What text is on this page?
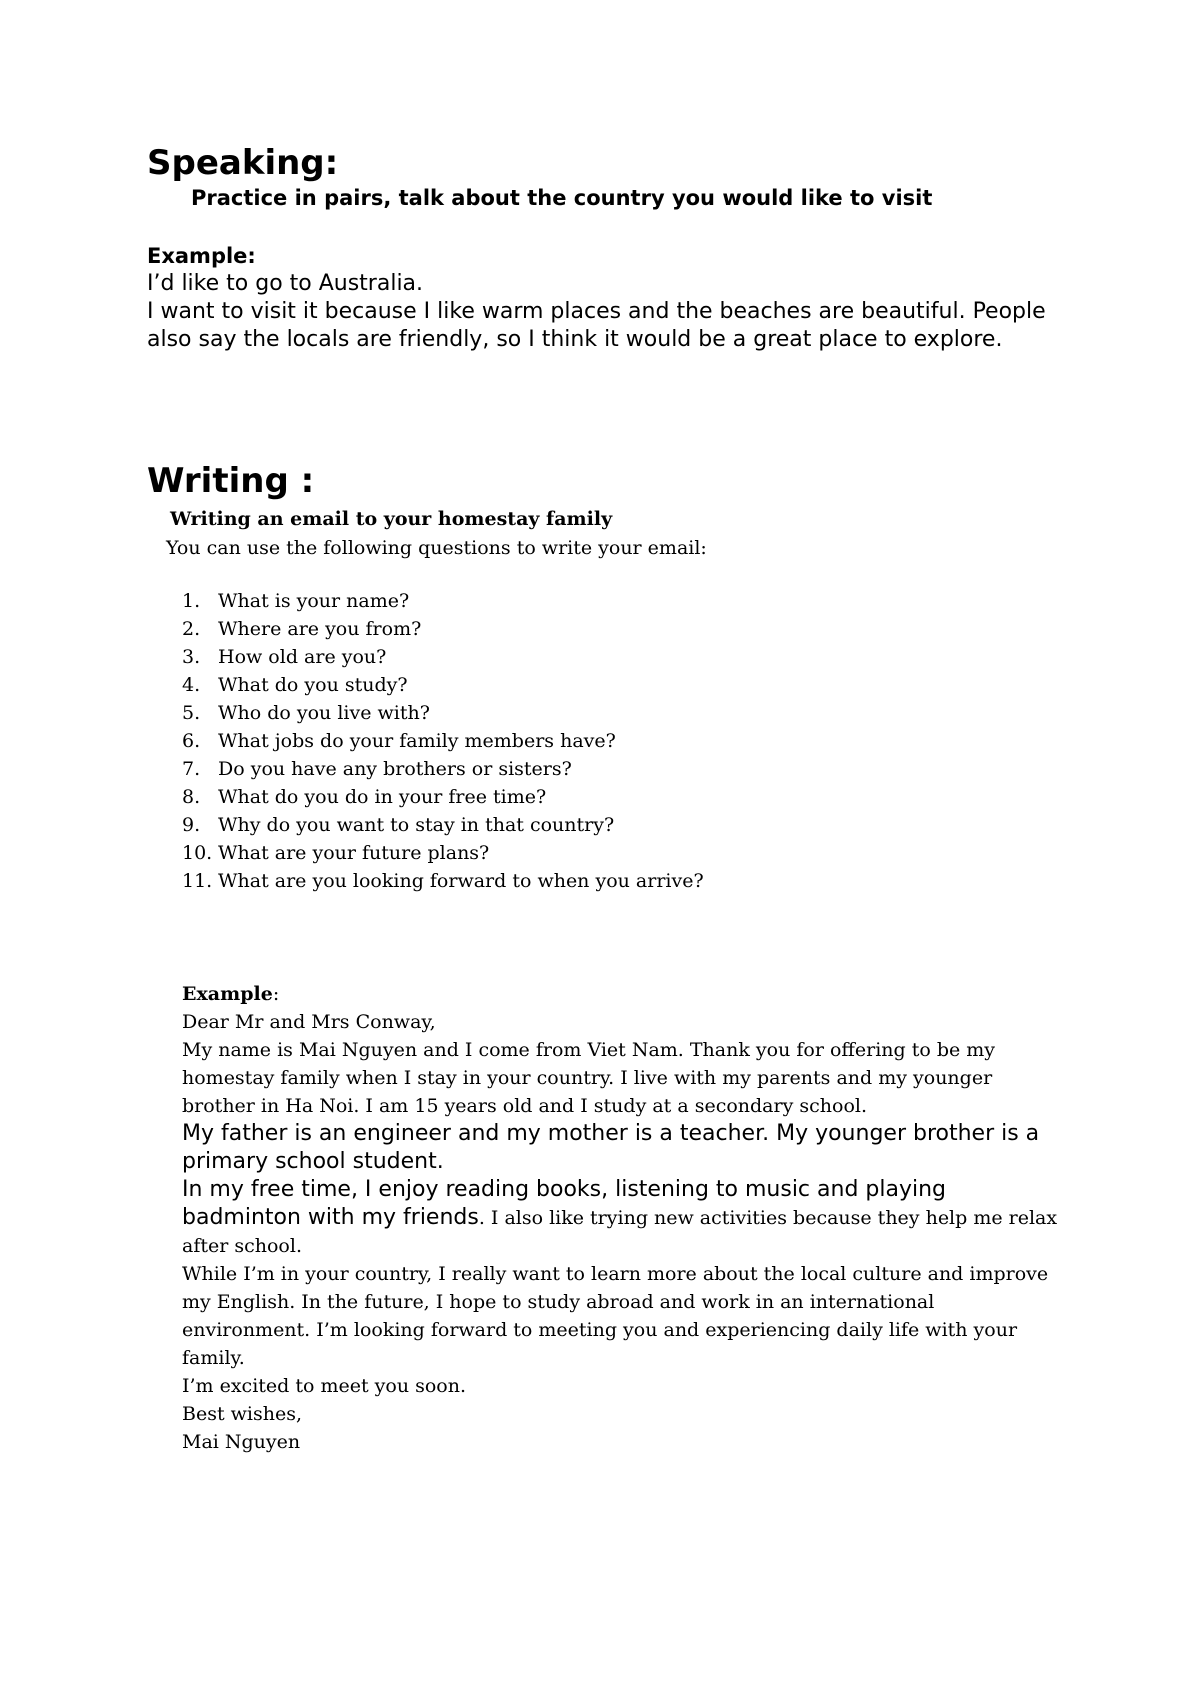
Speaking:
Practice in pairs, talk about the country you would like to visit
Example:
I’d like to go to Australia.
I want to visit it because I like warm places and the beaches are beautiful. People also say the locals are friendly, so I think it would be a great place to explore.
Writing :
Writing an email to your homestay family
You can use the following questions to write your email:
1. What is your name?
2. Where are you from?
3. How old are you?
4. What do you study?
5. Who do you live with?
6. What jobs do your family members have?
7. Do you have any brothers or sisters?
8. What do you do in your free time?
9. Why do you want to stay in that country?
10. What are your future plans?
11. What are you looking forward to when you arrive?

Example:

Dear Mr and Mrs Conway,

My name is Mai Nguyen and I come from Viet Nam. Thank you for offering to be my homestay family when I stay in your country. I live with my parents and my younger brother in Ha Noi. I am 15 years old and I study at a secondary school.

My father is an engineer and my mother is a teacher. My younger brother is a primary school student.

In my free time, I enjoy reading books, listening to music and playing badminton with my friends. I also like trying new activities because they help me relax after school.

While I’m in your country, I really want to learn more about the local culture and improve my English. In the future, I hope to study abroad and work in an international environment. I’m looking forward to meeting you and experiencing daily life with your family.

I’m excited to meet you soon.

Best wishes,

Mai Nguyen
